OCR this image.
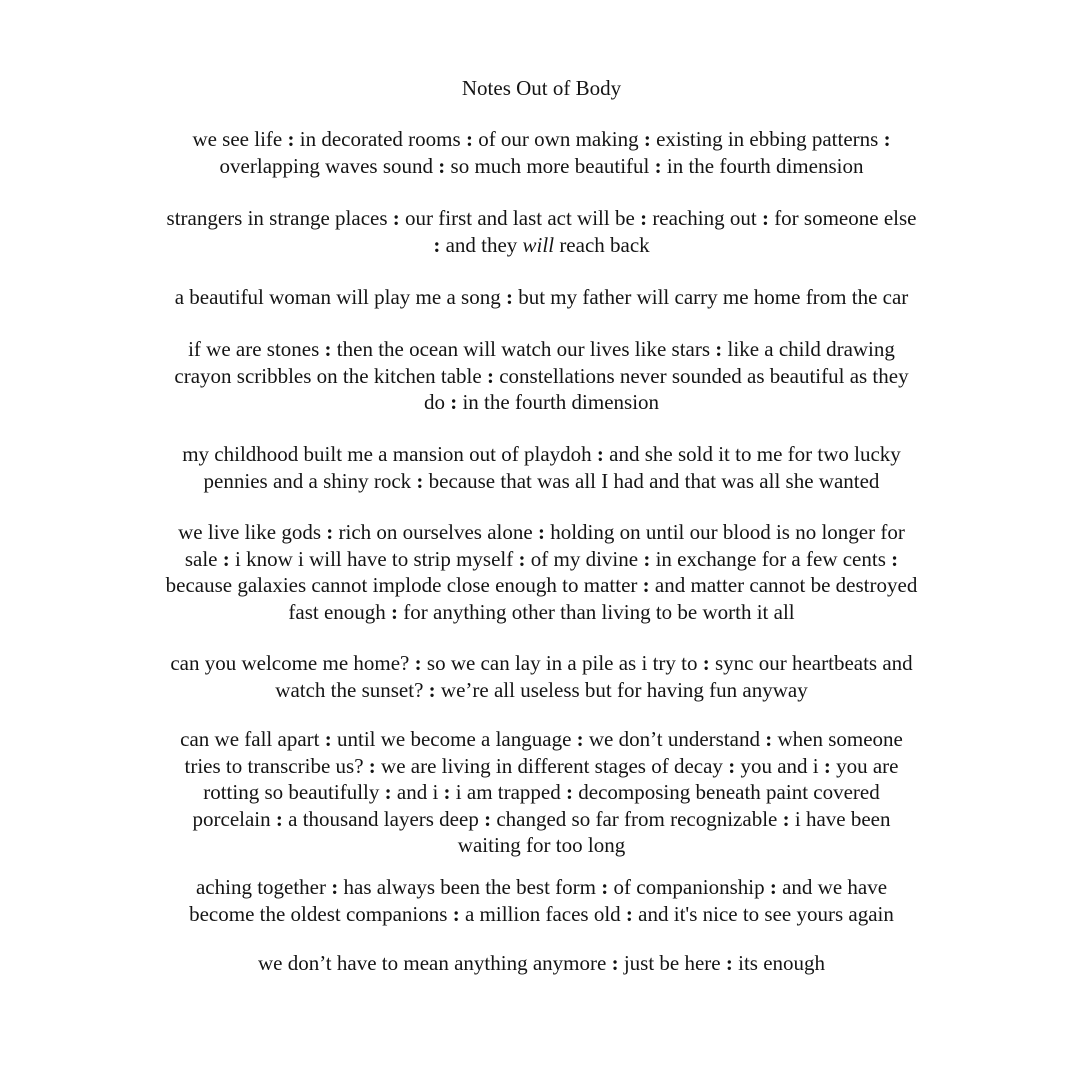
Notes Out of Body
we see life : in decorated rooms : of our own making : existing in ebbing patterns :
overlapping waves sound : so much more beautiful : in the fourth dimension
strangers in strange places : our first and last act will be : reaching out : for someone else
: and they will reach back
a beautiful woman will play me a song : but my father will carry me home from the car
if we are stones : then the ocean will watch our lives like stars : like a child drawing
crayon scribbles on the kitchen table : constellations never sounded as beautiful as they
do : in the fourth dimension
my childhood built me a mansion out of playdoh : and she sold it to me for two lucky
pennies and a shiny rock : because that was all I had and that was all she wanted
we live like gods : rich on ourselves alone : holding on until our blood is no longer for
sale : i know i will have to strip myself : of my divine : in exchange for a few cents :
because galaxies cannot implode close enough to matter : and matter cannot be destroyed
fast enough : for anything other than living to be worth it all
can you welcome me home? : so we can lay in a pile as i try to : sync our heartbeats and
watch the sunset? : we’re all useless but for having fun anyway
can we fall apart : until we become a language : we don’t understand : when someone
tries to transcribe us? : we are living in different stages of decay : you and i : you are
rotting so beautifully : and i : i am trapped : decomposing beneath paint covered
porcelain : a thousand layers deep : changed so far from recognizable : i have been
waiting for too long
aching together : has always been the best form : of companionship : and we have
become the oldest companions : a million faces old : and it's nice to see yours again
we don’t have to mean anything anymore : just be here : its enough
